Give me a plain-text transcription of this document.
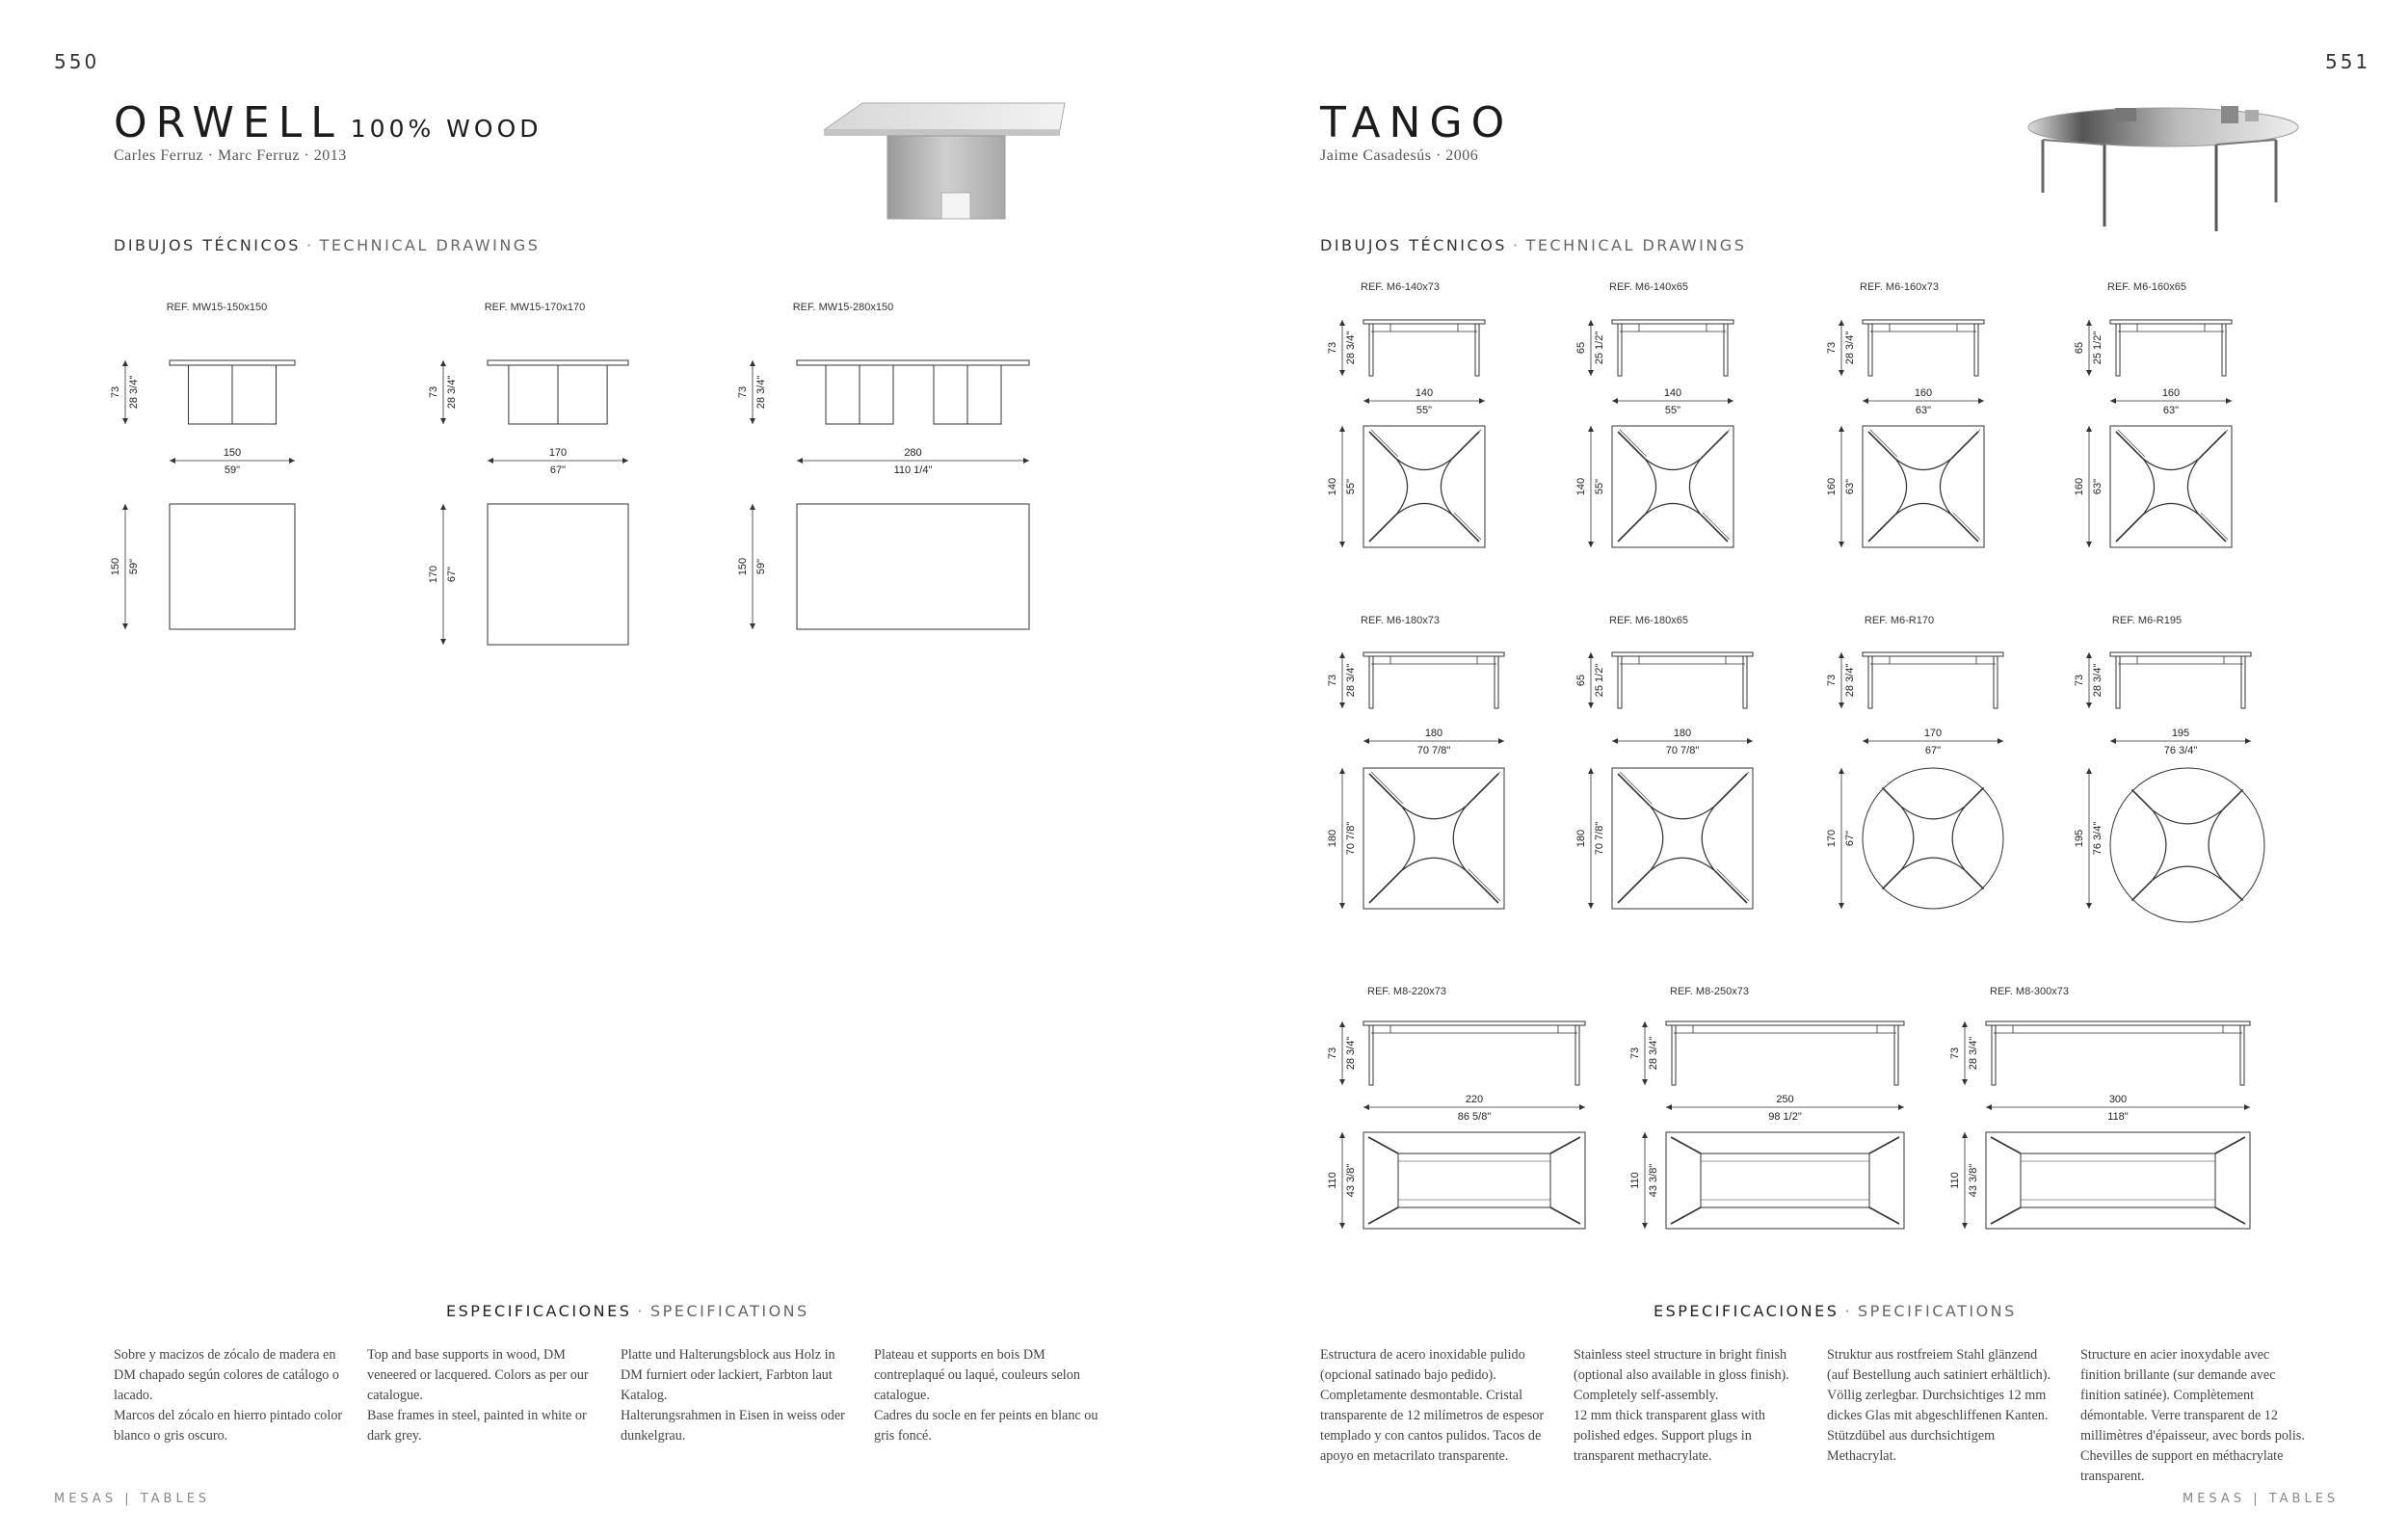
550
ORWELL 100% WOOD
Carles Ferruz · Marc Ferruz · 2013
DIBUJOS TÉCNICOS · TECHNICAL DRAWINGS
REF. MW15-150x150
73 28 3/4"
150
59"
150 59"
REF. MW15-170x170
73 28 3/4"
170
67"
170 67"
REF. MW15-280x150
73 28 3/4"
280
110 1/4"
150 59"
ESPECIFICACIONES · SPECIFICATIONS
Sobre y macizos de zócalo de madera en DM chapado según colores de catálogo o lacado.
Marcos del zócalo en hierro pintado color blanco o gris oscuro.
Top and base supports in wood, DM veneered or lacquered. Colors as per our catalogue.
Base frames in steel, painted in white or dark grey.
Platte und Halterungsblock aus Holz in DM furniert oder lackiert, Farbton laut Katalog.
Halterungsrahmen in Eisen in weiss oder dunkelgrau.
Plateau et supports en bois DM contreplaqué ou laqué, couleurs selon catalogue.
Cadres du socle en fer peints en blanc ou gris foncé.
MESAS | TABLES
551
TANGO
Jaime Casadesús · 2006
DIBUJOS TÉCNICOS · TECHNICAL DRAWINGS
REF. M6-140x73
73 28 3/4"
140
55"
140 55"
REF. M6-140x65
65 25 1/2"
140
55"
140 55"
REF. M6-160x73
73 28 3/4"
160
63"
160 63"
REF. M6-160x65
65 25 1/2"
160
63"
160 63"
REF. M6-180x73
73 28 3/4"
180
70 7/8"
180 70 7/8"
REF. M6-180x65
65 25 1/2"
180
70 7/8"
180 70 7/8"
REF. M6-R170
73 28 3/4"
170
67"
170 67"
REF. M6-R195
73 28 3/4"
195
76 3/4"
195 76 3/4"
REF. M8-220x73
73 28 3/4"
220
86 5/8"
110 43 3/8"
REF. M8-250x73
73 28 3/4"
250
98 1/2"
110 43 3/8"
REF. M8-300x73
73 28 3/4"
300
118"
110 43 3/8"
ESPECIFICACIONES · SPECIFICATIONS
Estructura de acero inoxidable pulido (opcional satinado bajo pedido). Completamente desmontable. Cristal transparente de 12 milímetros de espesor templado y con cantos pulidos. Tacos de apoyo en metacrilato transparente.
Stainless steel structure in bright finish (optional also available in gloss finish). Completely self-assembly.
12 mm thick transparent glass with polished edges. Support plugs in transparent methacrylate.
Struktur aus rostfreiem Stahl glänzend (auf Bestellung auch satiniert erhältlich). Völlig zerlegbar. Durchsichtiges 12 mm dickes Glas mit abgeschliffenen Kanten. Stützdübel aus durchsichtigem Methacrylat.
Structure en acier inoxydable avec finition brillante (sur demande avec finition satinée). Complètement démontable. Verre transparent de 12 millimètres d'épaisseur, avec bords polis. Chevilles de support en méthacrylate transparent.
MESAS | TABLES
